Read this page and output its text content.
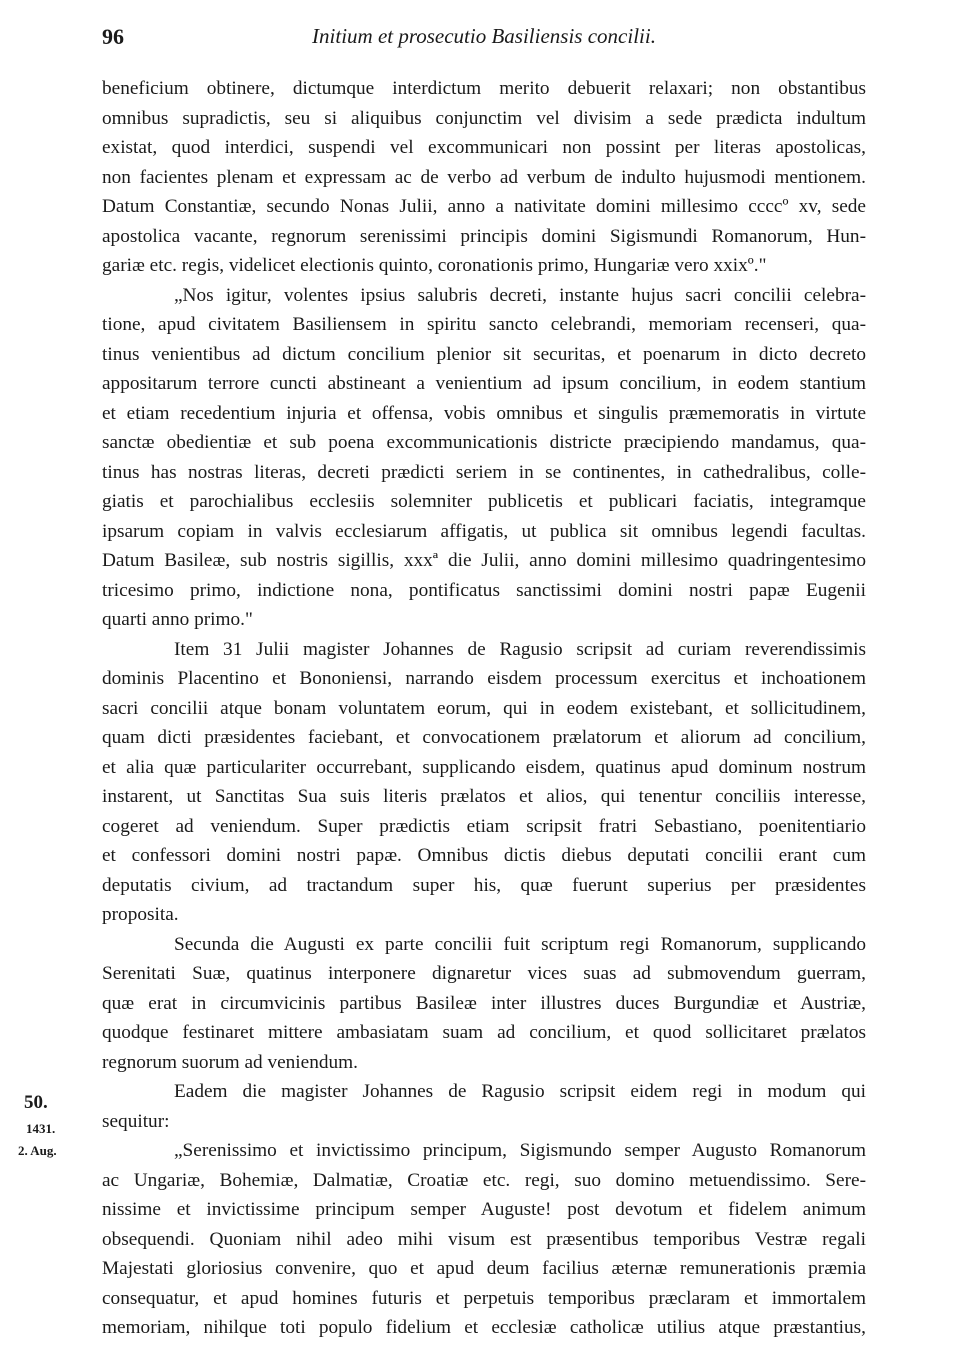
96	Initium et prosecutio Basiliensis concilii.
50.
1431.
2. Aug.

beneficium obtinere, dictumque interdictum merito debuerit relaxari; non obstantibus

omnibus supradictis, seu si aliquibus conjunctim vel divisim a sede prædicta indultum

existat, quod interdici, suspendi vel excommunicari non possint per literas apostolicas,

non facientes plenam et expressam ac de verbo ad verbum de indulto hujusmodi mentionem.

Datum Constantiæ, secundo Nonas Julii, anno a nativitate domini millesimo ccccº xv, sede

apostolica vacante, regnorum serenissimi principis domini Sigismundi Romanorum, Hun-

gariæ etc. regis, videlicet electionis quinto, coronationis primo, Hungariæ vero xxixº."

„Nos igitur, volentes ipsius salubris decreti, instante hujus sacri concilii celebra-

tione, apud civitatem Basiliensem in spiritu sancto celebrandi, memoriam recenseri, qua-

tinus venientibus ad dictum concilium plenior sit securitas, et poenarum in dicto decreto

appositarum terrore cuncti abstineant a venientium ad ipsum concilium, in eodem stantium

et etiam recedentium injuria et offensa, vobis omnibus et singulis præmemoratis in virtute

sanctæ obedientiæ et sub poena excommunicationis districte præcipiendo mandamus, qua-

tinus has nostras literas, decreti prædicti seriem in se continentes, in cathedralibus, colle-

giatis et parochialibus ecclesiis solemniter publicetis et publicari faciatis, integramque

ipsarum copiam in valvis ecclesiarum affigatis, ut publica sit omnibus legendi facultas.

Datum Basileæ, sub nostris sigillis, xxxª die Julii, anno domini millesimo quadringentesimo

tricesimo primo, indictione nona, pontificatus sanctissimi domini nostri papæ Eugenii

quarti anno primo."

Item 31 Julii magister Johannes de Ragusio scripsit ad curiam reverendissimis

dominis Placentino et Bononiensi, narrando eisdem processum exercitus et inchoationem

sacri concilii atque bonam voluntatem eorum, qui in eodem existebant, et sollicitudinem,

quam dicti præsidentes faciebant, et convocationem prælatorum et aliorum ad concilium,

et alia quæ particulariter occurrebant, supplicando eisdem, quatinus apud dominum nostrum

instarent, ut Sanctitas Sua suis literis prælatos et alios, qui tenentur conciliis interesse,

cogeret ad veniendum. Super prædictis etiam scripsit fratri Sebastiano, poenitentiario

et confessori domini nostri papæ. Omnibus dictis diebus deputati concilii erant cum

deputatis civium, ad tractandum super his, quæ fuerunt superius per præsidentes

proposita.

Secunda die Augusti ex parte concilii fuit scriptum regi Romanorum, supplicando

Serenitati Suæ, quatinus interponere dignaretur vices suas ad submovendum guerram,

quæ erat in circumvicinis partibus Basileæ inter illustres duces Burgundiæ et Austriæ,

quodque festinaret mittere ambasiatam suam ad concilium, et quod sollicitaret prælatos

regnorum suorum ad veniendum.

Eadem die magister Johannes de Ragusio scripsit eidem regi in modum qui

sequitur:

„Serenissimo et invictissimo principum, Sigismundo semper Augusto Romanorum

ac Ungariæ, Bohemiæ, Dalmatiæ, Croatiæ etc. regi, suo domino metuendissimo. Sere-

nissime et invictissime principum semper Auguste! post devotum et fidelem animum

obsequendi. Quoniam nihil adeo mihi visum est præsentibus temporibus Vestræ regali

Majestati gloriosius convenire, quo et apud deum facilius æternæ remunerationis præmia

consequatur, et apud homines futuris et perpetuis temporibus præclaram et immortalem

memoriam, nihilque toti populo fidelium et ecclesiæ catholicæ utilius atque præstantius,
